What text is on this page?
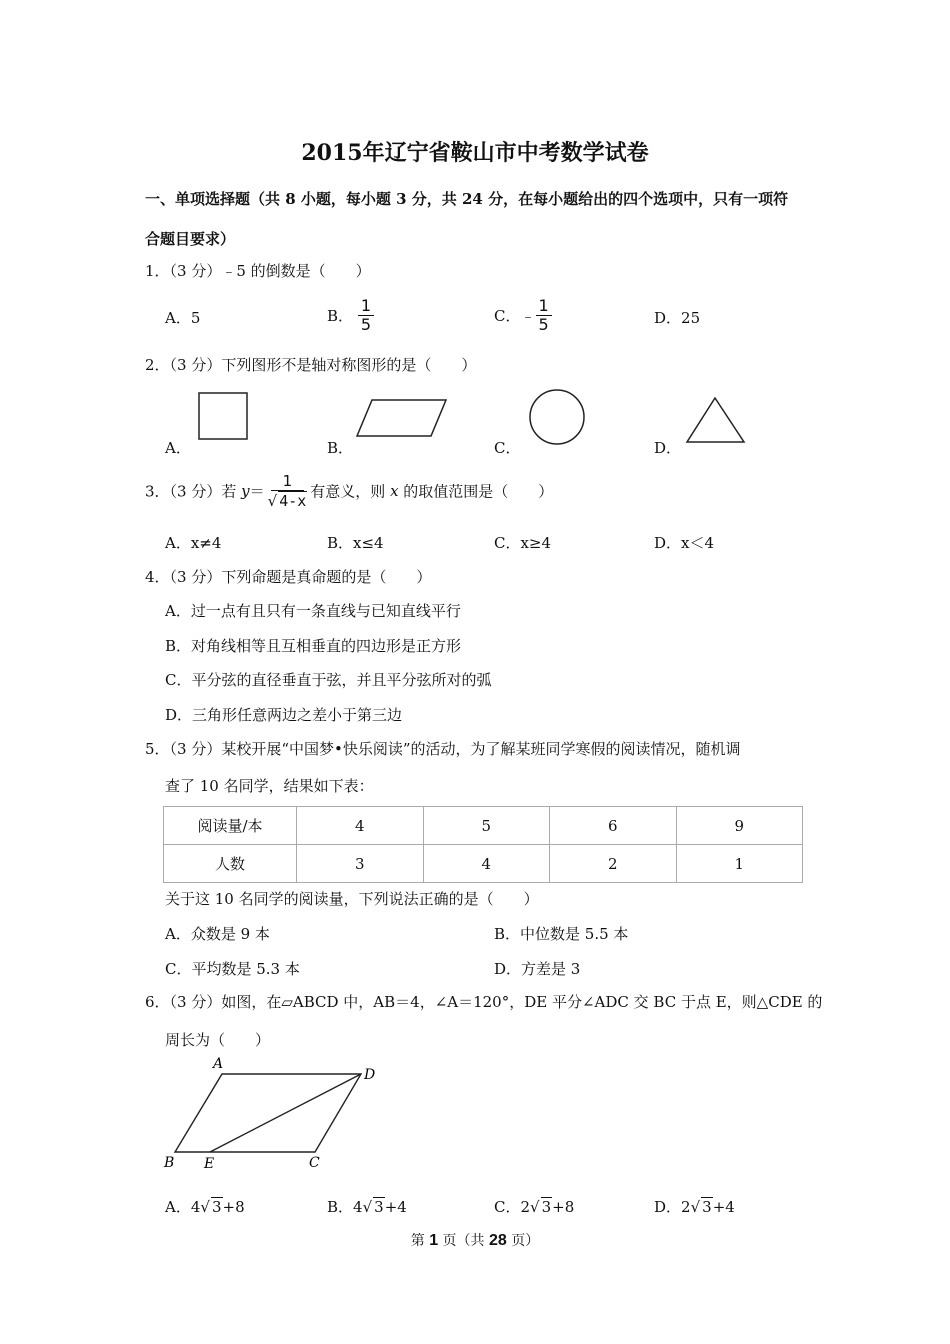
2015年辽宁省鞍山市中考数学试卷
一、单项选择题（共 8 小题，每小题 3 分，共 24 分，在每小题给出的四个选项中，只有一项符
合题目要求）
1．（3 分）﹣5 的倒数是（　　）
A．5	B． $\frac{1}{5}$	C．﹣ $\frac{1}{5}$	D．25
2．（3 分）下列图形不是轴对称图形的是（　　）
A．	B．	C．	D．
3．（3 分）若 $y= \frac{1}{√ 4-x}$ 有意义，则 x 的取值范围是（　　）
A．x≠4	B．x≤4	C．x≥4	D．x＜4
4．（3 分）下列命题是真命题的是（　　）
A．过一点有且只有一条直线与已知直线平行
B．对角线相等且互相垂直的四边形是正方形
C．平分弦的直径垂直于弦，并且平分弦所对的弧
D．三角形任意两边之差小于第三边
5．（3 分）某校开展“中国梦•快乐阅读”的活动，为了解某班同学寒假的阅读情况，随机调
查了 10 名同学，结果如下表：
阅读量/本	4	5	6	9
人数	3	4	2	1
关于这 10 名同学的阅读量，下列说法正确的是（　　）
A．众数是 9 本	B．中位数是 5.5 本
C．平均数是 5.3 本	D．方差是 3
6．（3 分）如图，在▱ABCD 中，AB＝4，∠A＝120°，DE 平分∠ADC 交 BC 于点 E，则△CDE 的
周长为（　　）
A
D
B E	C
A．4√ 3+8	B．4√ 3+4	C．2√ 3+8	D．2√ 3+4
第 1 页（共 28 页）
